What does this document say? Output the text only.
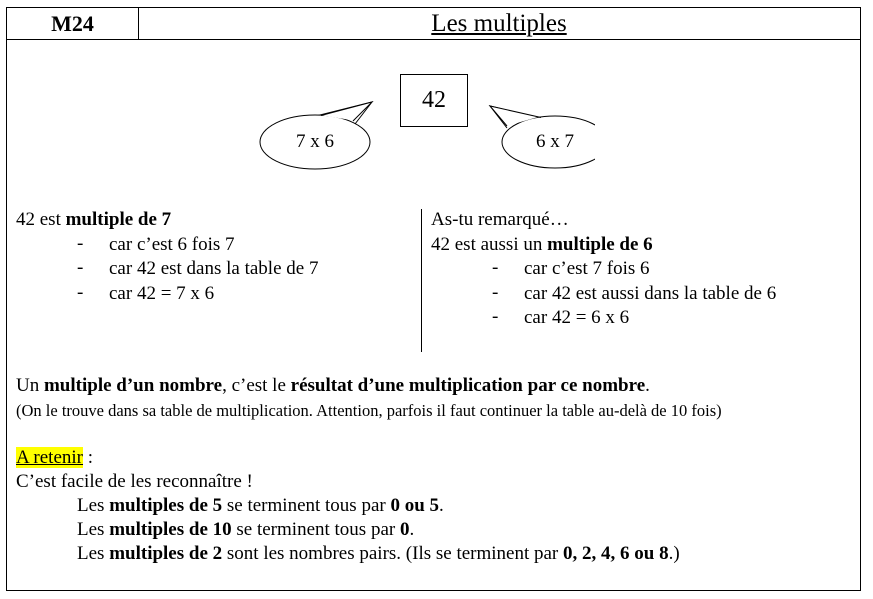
M24	Les multiples
7 x 6	6 x 7
42
42 est multiple de 7
- car c’est 6 fois 7
- car 42 est dans la table de 7
- car 42 = 7 x 6
As-tu remarqué…
42 est aussi un multiple de 6
- car c’est 7 fois 6
- car 42 est aussi dans la table de 6
- car 42 = 6 x 6
Un multiple d’un nombre, c’est le résultat d’une multiplication par ce nombre.
(On le trouve dans sa table de multiplication. Attention, parfois il faut continuer la table au-delà de 10 fois)
A retenir :
C’est facile de les reconnaître !
Les multiples de 5 se terminent tous par 0 ou 5.
Les multiples de 10 se terminent tous par 0.
Les multiples de 2 sont les nombres pairs. (Ils se terminent par 0, 2, 4, 6 ou 8.)
